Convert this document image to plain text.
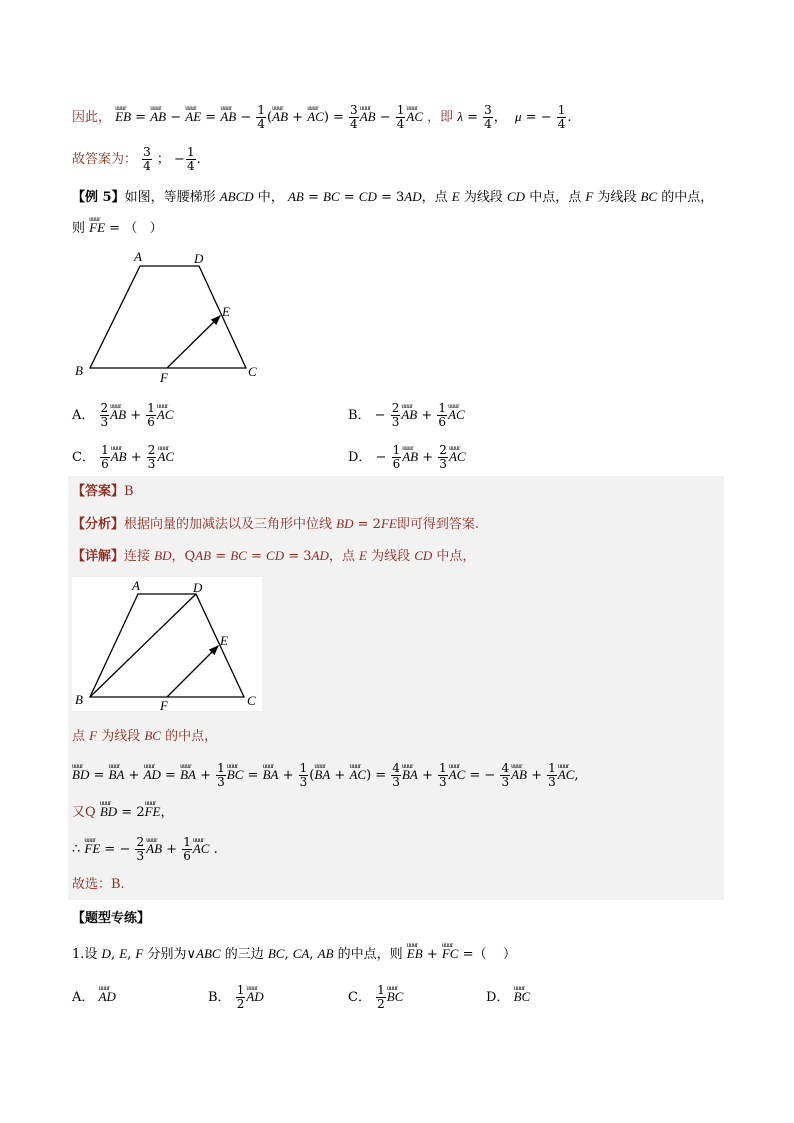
因此， uuur EB = uuur AB − uuur AE = uuur AB − $\frac{1}{4}$ (uuur AB + uuur $AC) = \frac{3}{4}$ uuur AB − $\frac{1}{4}$ uuur AC ，即 $\lambda = \frac{3}{4}$ ， μ = − $\frac{1}{4}$ .
故答案为： $\frac{3}{4}$ ； − $\frac{1}{4}$ .
【例 5】如图，等腰梯形 ABCD 中， AB = BC = CD = 3AD，点 E 为线段 CD 中点，点 F 为线段 BC 的中点，
则 uuur FE = （   ）
A	D
E
B	F	C
A． $\frac{2}{3}$ uuur AB + $\frac{1}{6}$ uuur AC	B． − $\frac{2}{3}$ uuur AB + $\frac{1}{6}$ uuur AC
C． $\frac{1}{6}$ uuur AB + $\frac{2}{3}$ uuur AC	D． − $\frac{1}{6}$ uuur AB + $\frac{2}{3}$ uuur AC
【答案】B
【分析】根据向量的加减法以及三角形中位线 BD = 2FE即可得到答案.
【详解】连接 BD，QAB = BC = CD = 3AD，点 E 为线段 CD 中点，
A	D
E
B	F	C
点 F 为线段 BC 的中点，
uuur BD = uuur BA + uuur AD = uuur BA + $\frac{1}{3}$ uuur BC = uuur BA + $\frac{1}{3}$ (uuur BA + uuur $AC) = \frac{4}{3}$ uuur BA + $\frac{1}{3}$ uuur AC = − $\frac{4}{3}$ uuur AB + $\frac{1}{3}$ uuur AC,
又Q uuur BD = 2uuur FE，
∴ uuur FE = − $\frac{2}{3}$ uuur AB + $\frac{1}{6}$ uuur AC .
故选：B.
【题型专练】
1.设 D, E, F 分别为∨ABC 的三边 BC, CA, AB 的中点，则 uuur EB + uuur FC =（    ）
A． uuur AD	B． $\frac{1}{2}$ uuur AD	C． $\frac{1}{2}$ uuur BC	D． uuur BC
